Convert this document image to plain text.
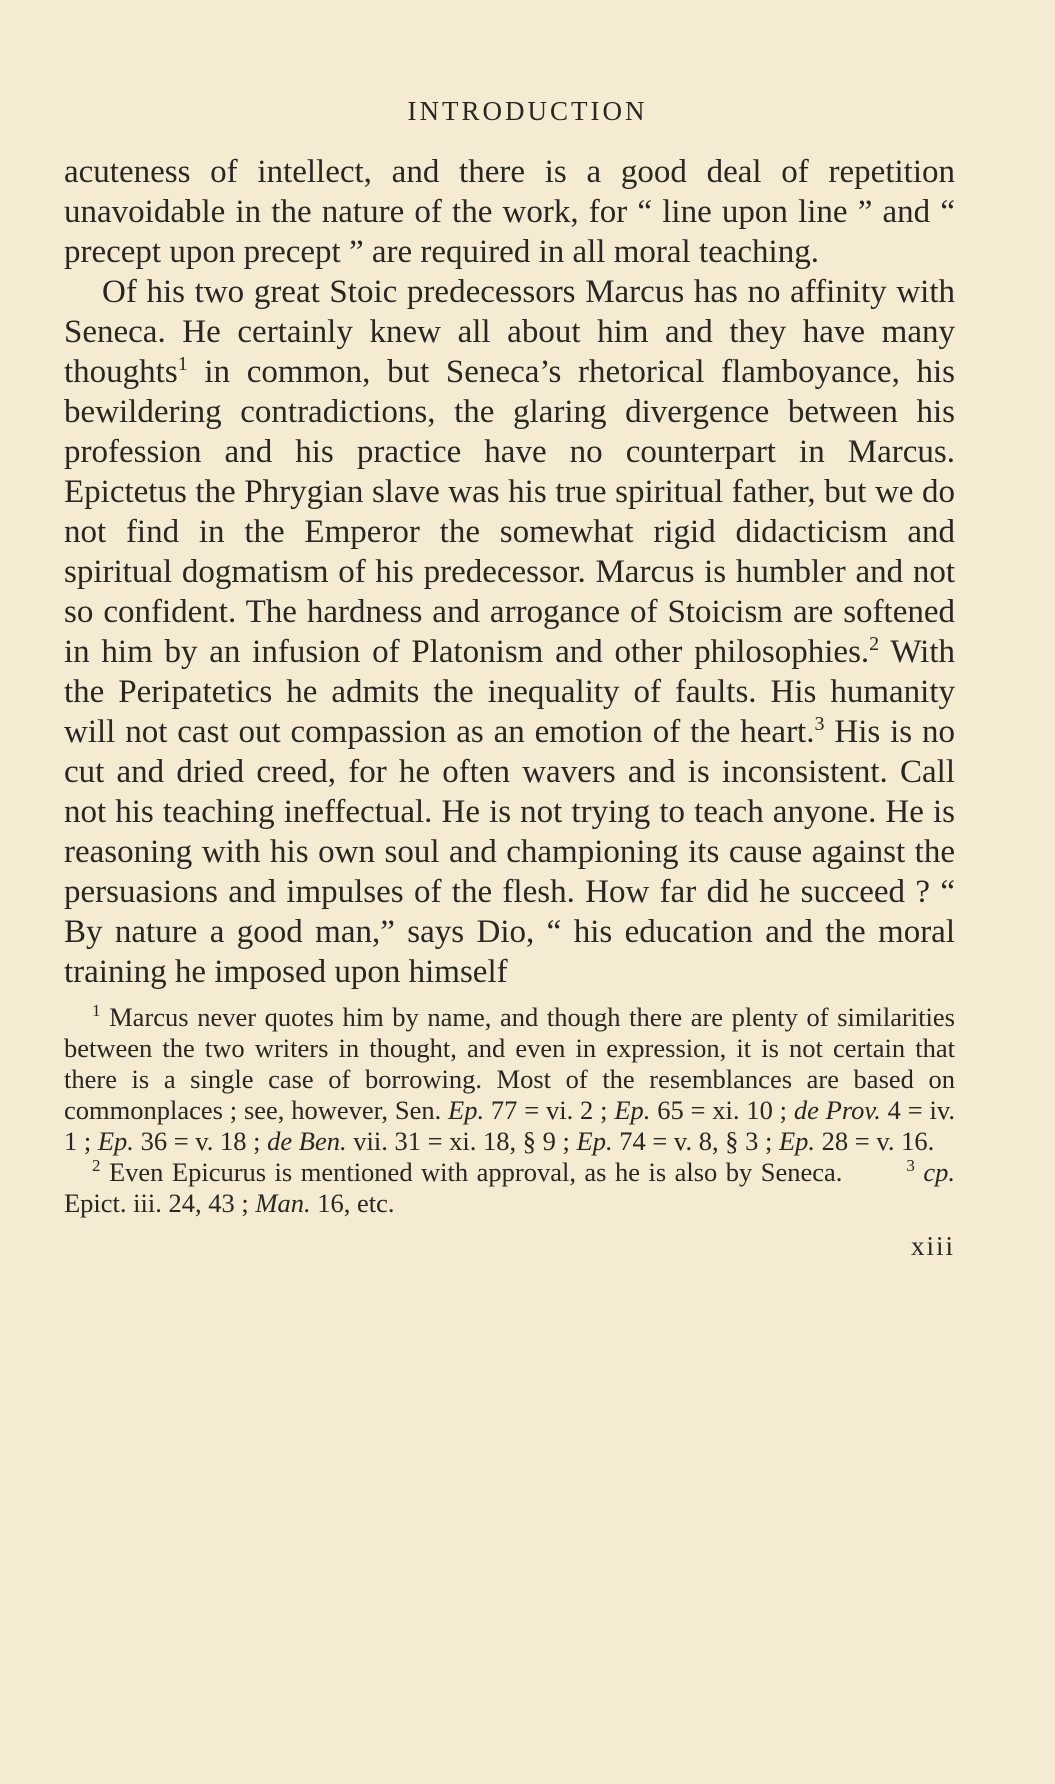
INTRODUCTION

acuteness of intellect, and there is a good deal of repetition unavoidable in the nature of the work, for “ line upon line ” and “ precept upon precept ” are required in all moral teaching.

Of his two great Stoic predecessors Marcus has no affinity with Seneca. He certainly knew all about him and they have many thoughts$^1$ in common, but Seneca’s rhetorical flamboyance, his bewildering contradictions, the glaring divergence between his profession and his practice have no counterpart in Marcus. Epictetus the Phrygian slave was his true spiritual father, but we do not find in the Emperor the somewhat rigid didacticism and spiritual dogmatism of his predecessor. Marcus is humbler and not so confident. The hardness and arrogance of Stoicism are softened in him by an infusion of Platonism and other philosophies.$^2$ With the Peripatetics he admits the inequality of faults. His humanity will not cast out compassion as an emotion of the heart.$^3$ His is no cut and dried creed, for he often wavers and is inconsistent. Call not his teaching ineffectual. He is not trying to teach anyone. He is reasoning with his own soul and championing its cause against the persuasions and impulses of the flesh. How far did he succeed ? “ By nature a good man,” says Dio, “ his education and the moral training he imposed upon himself

$^1$ Marcus never quotes him by name, and though there are plenty of similarities between the two writers in thought, and even in expression, it is not certain that there is a single case of borrowing. Most of the resemblances are based on commonplaces ; see, however, Sen. Ep. 77 = vi. 2 ; Ep. 65 = xi. 10 ; de Prov. 4 = iv. 1 ; Ep. 36 = v. 18 ; de Ben. vii. 31 = xi. 18, § 9 ; Ep. 74 = v. 8, § 3 ; Ep. 28 = v. 16.

$^2$ Even Epicurus is mentioned with approval, as he is also by Seneca.	$^3$ cp. Epict. iii. 24, 43 ; Man. 16, etc.

xiii
